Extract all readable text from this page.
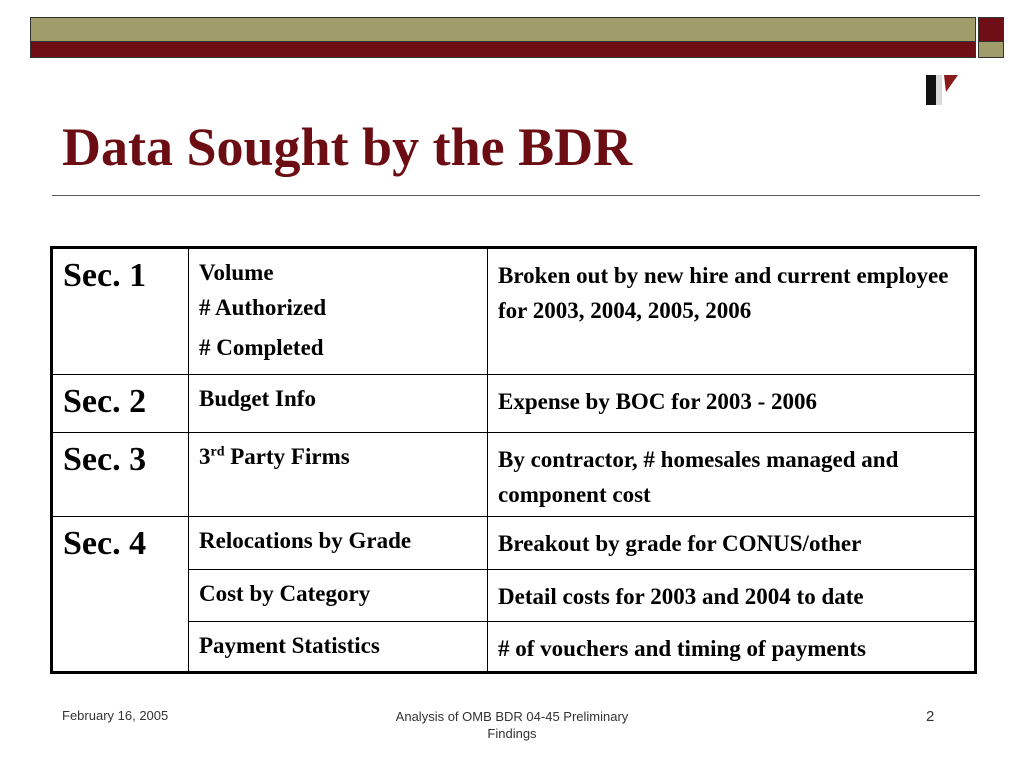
Data Sought by the BDR
Sec. 1	Volume
# Authorized
# Completed	Broken out by new hire and current employee for 2003, 2004, 2005, 2006
Sec. 2	Budget Info	Expense by BOC for 2003 - 2006
Sec. 3	3rd Party Firms	By contractor, # homesales managed and component cost
Sec. 4	Relocations by Grade	Breakout by grade for CONUS/other
	Cost by Category	Detail costs for 2003 and 2004 to date
	Payment Statistics	# of vouchers and timing of payments
February 16, 2005	Analysis of OMB BDR 04-45 Preliminary Findings
2
